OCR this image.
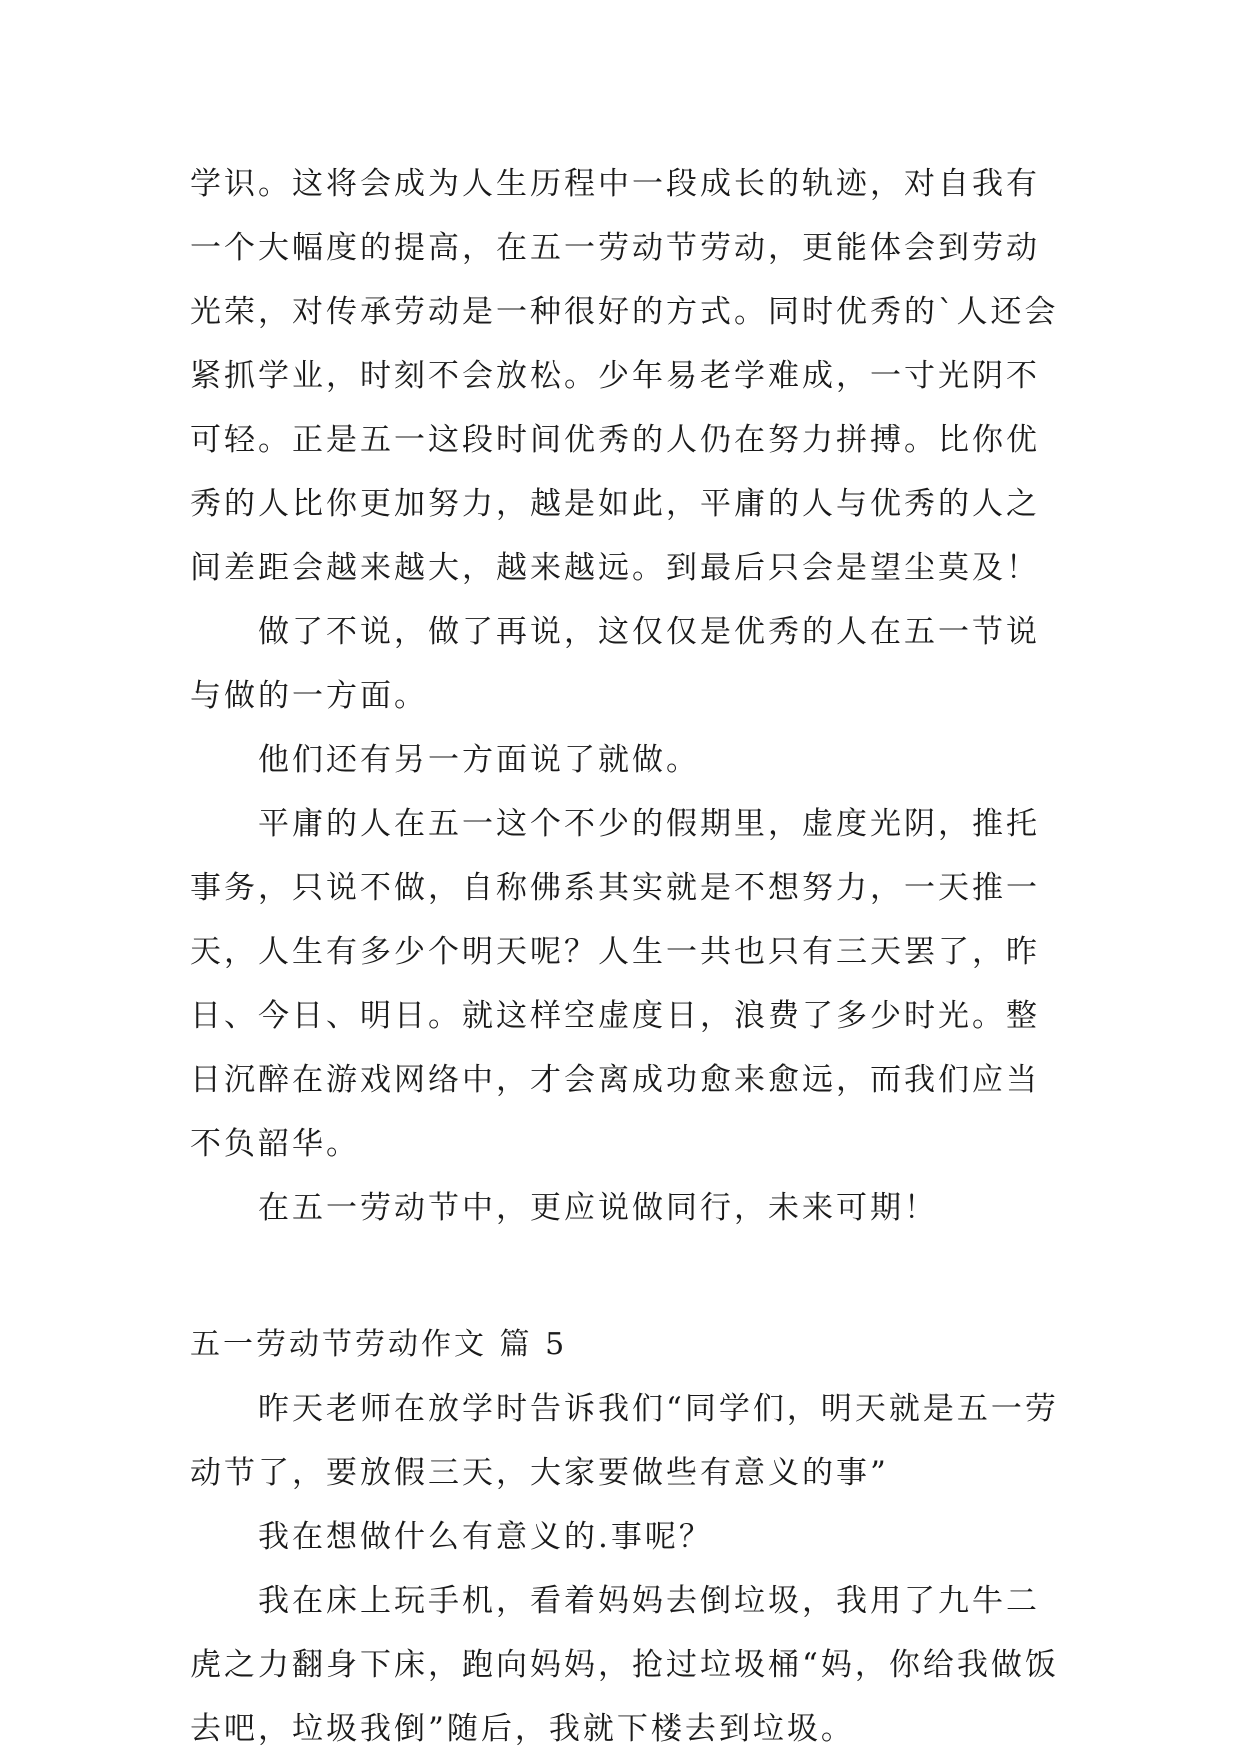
学识。这将会成为人生历程中一段成长的轨迹，对自我有一个大幅度的提高，在五一劳动节劳动，更能体会到劳动光荣，对传承劳动是一种很好的方式。同时优秀的`人还会紧抓学业，时刻不会放松。少年易老学难成，一寸光阴不可轻。正是五一这段时间优秀的人仍在努力拼搏。比你优秀的人比你更加努力，越是如此，平庸的人与优秀的人之间差距会越来越大，越来越远。到最后只会是望尘莫及！

做了不说，做了再说，这仅仅是优秀的人在五一节说与做的一方面。

他们还有另一方面说了就做。

平庸的人在五一这个不少的假期里，虚度光阴，推托事务，只说不做，自称佛系其实就是不想努力，一天推一天，人生有多少个明天呢？人生一共也只有三天罢了，昨日、今日、明日。就这样空虚度日，浪费了多少时光。整日沉醉在游戏网络中，才会离成功愈来愈远，而我们应当不负韶华。

在五一劳动节中，更应说做同行，未来可期！

五一劳动节劳动作文 篇 5

昨天老师在放学时告诉我们“同学们，明天就是五一劳动节了，要放假三天，大家要做些有意义的事”

我在想做什么有意义的.事呢？

我在床上玩手机，看着妈妈去倒垃圾，我用了九牛二虎之力翻身下床，跑向妈妈，抢过垃圾桶“妈，你给我做饭去吧，垃圾我倒”随后，我就下楼去到垃圾。
